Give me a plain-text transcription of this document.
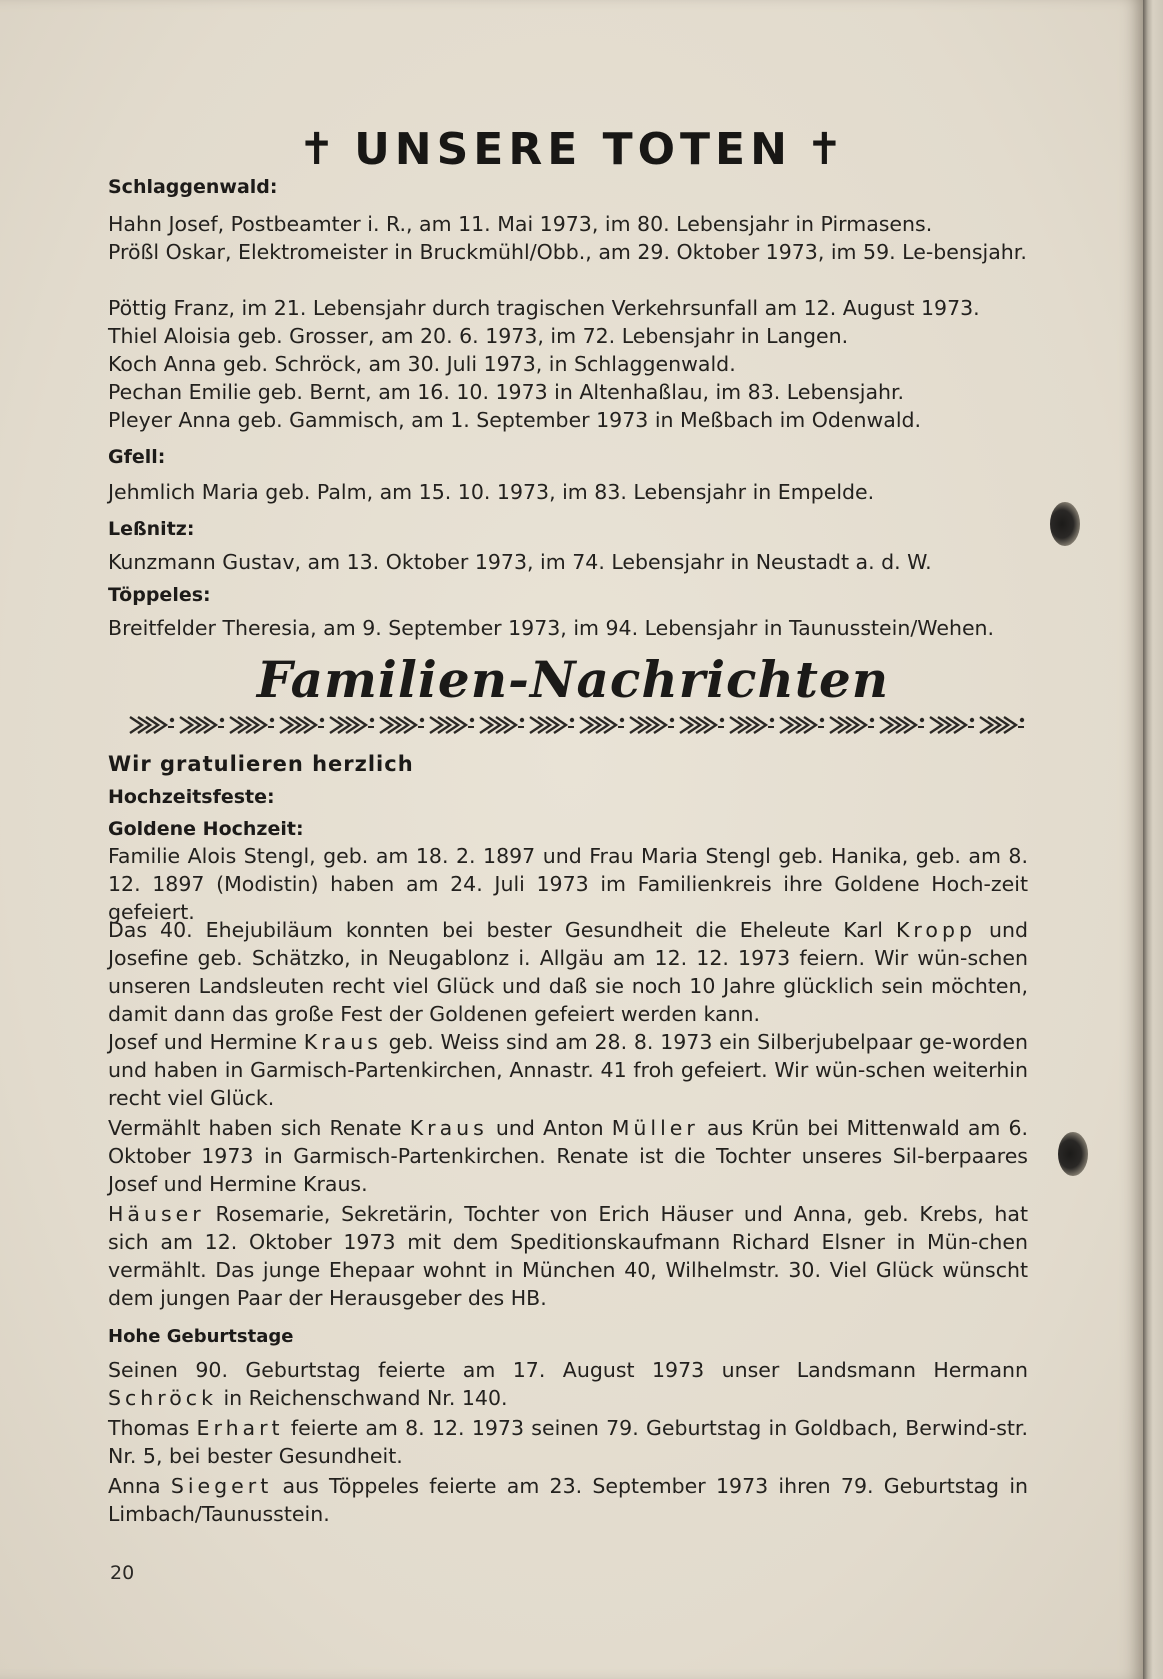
✝ UNSERE TOTEN ✝
Schlaggenwald:
Hahn Josef, Postbeamter i. R., am 11. Mai 1973, im 80. Lebensjahr in Pirmasens.
Prößl Oskar, Elektromeister in Bruckmühl/Obb., am 29. Oktober 1973, im 59. Le-bensjahr.
Pöttig Franz, im 21. Lebensjahr durch tragischen Verkehrsunfall am 12. August 1973.
Thiel Aloisia geb. Grosser, am 20. 6. 1973, im 72. Lebensjahr in Langen.
Koch Anna geb. Schröck, am 30. Juli 1973, in Schlaggenwald.
Pechan Emilie geb. Bernt, am 16. 10. 1973 in Altenhaßlau, im 83. Lebensjahr.
Pleyer Anna geb. Gammisch, am 1. September 1973 in Meßbach im Odenwald.
Gfell:
Jehmlich Maria geb. Palm, am 15. 10. 1973, im 83. Lebensjahr in Empelde.
Leßnitz:
Kunzmann Gustav, am 13. Oktober 1973, im 74. Lebensjahr in Neustadt a. d. W.
Töppeles:
Breitfelder Theresia, am 9. September 1973, im 94. Lebensjahr in Taunusstein/Wehen.
Familien-Nachrichten
Wir gratulieren herzlich
Hochzeitsfeste:
Goldene Hochzeit:
Familie Alois Stengl, geb. am 18. 2. 1897 und Frau Maria Stengl geb. Hanika, geb. am 8. 12. 1897 (Modistin) haben am 24. Juli 1973 im Familienkreis ihre Goldene Hoch-zeit gefeiert.
Das 40. Ehejubiläum konnten bei bester Gesundheit die Eheleute Karl Kropp und Josefine geb. Schätzko, in Neugablonz i. Allgäu am 12. 12. 1973 feiern. Wir wün-schen unseren Landsleuten recht viel Glück und daß sie noch 10 Jahre glücklich sein möchten, damit dann das große Fest der Goldenen gefeiert werden kann.
Josef und Hermine Kraus geb. Weiss sind am 28. 8. 1973 ein Silberjubelpaar ge-worden und haben in Garmisch-Partenkirchen, Annastr. 41 froh gefeiert. Wir wün-schen weiterhin recht viel Glück.
Vermählt haben sich Renate Kraus und Anton Müller aus Krün bei Mittenwald am 6. Oktober 1973 in Garmisch-Partenkirchen. Renate ist die Tochter unseres Sil-berpaares Josef und Hermine Kraus.
Häuser Rosemarie, Sekretärin, Tochter von Erich Häuser und Anna, geb. Krebs, hat sich am 12. Oktober 1973 mit dem Speditionskaufmann Richard Elsner in Mün-chen vermählt. Das junge Ehepaar wohnt in München 40, Wilhelmstr. 30. Viel Glück wünscht dem jungen Paar der Herausgeber des HB.
Hohe Geburtstage
Seinen 90. Geburtstag feierte am 17. August 1973 unser Landsmann Hermann Schröck in Reichenschwand Nr. 140.
Thomas Erhart feierte am 8. 12. 1973 seinen 79. Geburtstag in Goldbach, Berwind-str. Nr. 5, bei bester Gesundheit.
Anna Siegert aus Töppeles feierte am 23. September 1973 ihren 79. Geburtstag in Limbach/Taunusstein.
20
